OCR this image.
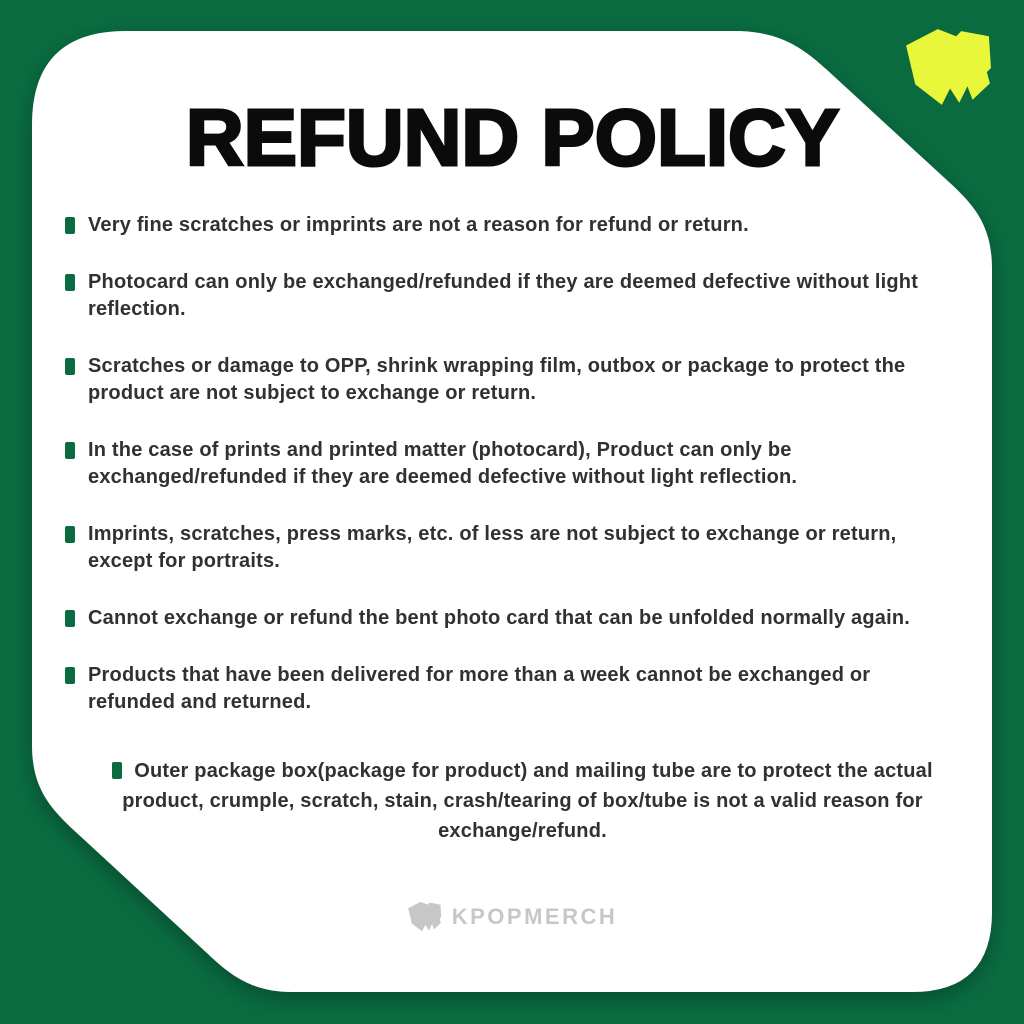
REFUND POLICY
Very fine scratches or imprints are not a reason for refund or return.
Photocard can only be exchanged/refunded if they are deemed defective without light reflection.
Scratches or damage to OPP, shrink wrapping film, outbox or package to protect the product are not subject to exchange or return.
In the case of prints and printed matter (photocard), Product can only be exchanged/refunded if they are deemed defective without light reflection.
Imprints, scratches, press marks, etc. of less are not subject to exchange or return, except for portraits.
Cannot exchange or refund the bent photo card that can be unfolded normally again.
Products that have been delivered for more than a week cannot be exchanged or refunded and returned.
Outer package box(package for product) and mailing tube are to protect the actual product, crumple, scratch, stain, crash/tearing of box/tube is not a valid reason for exchange/refund.
KPOPMERCH
